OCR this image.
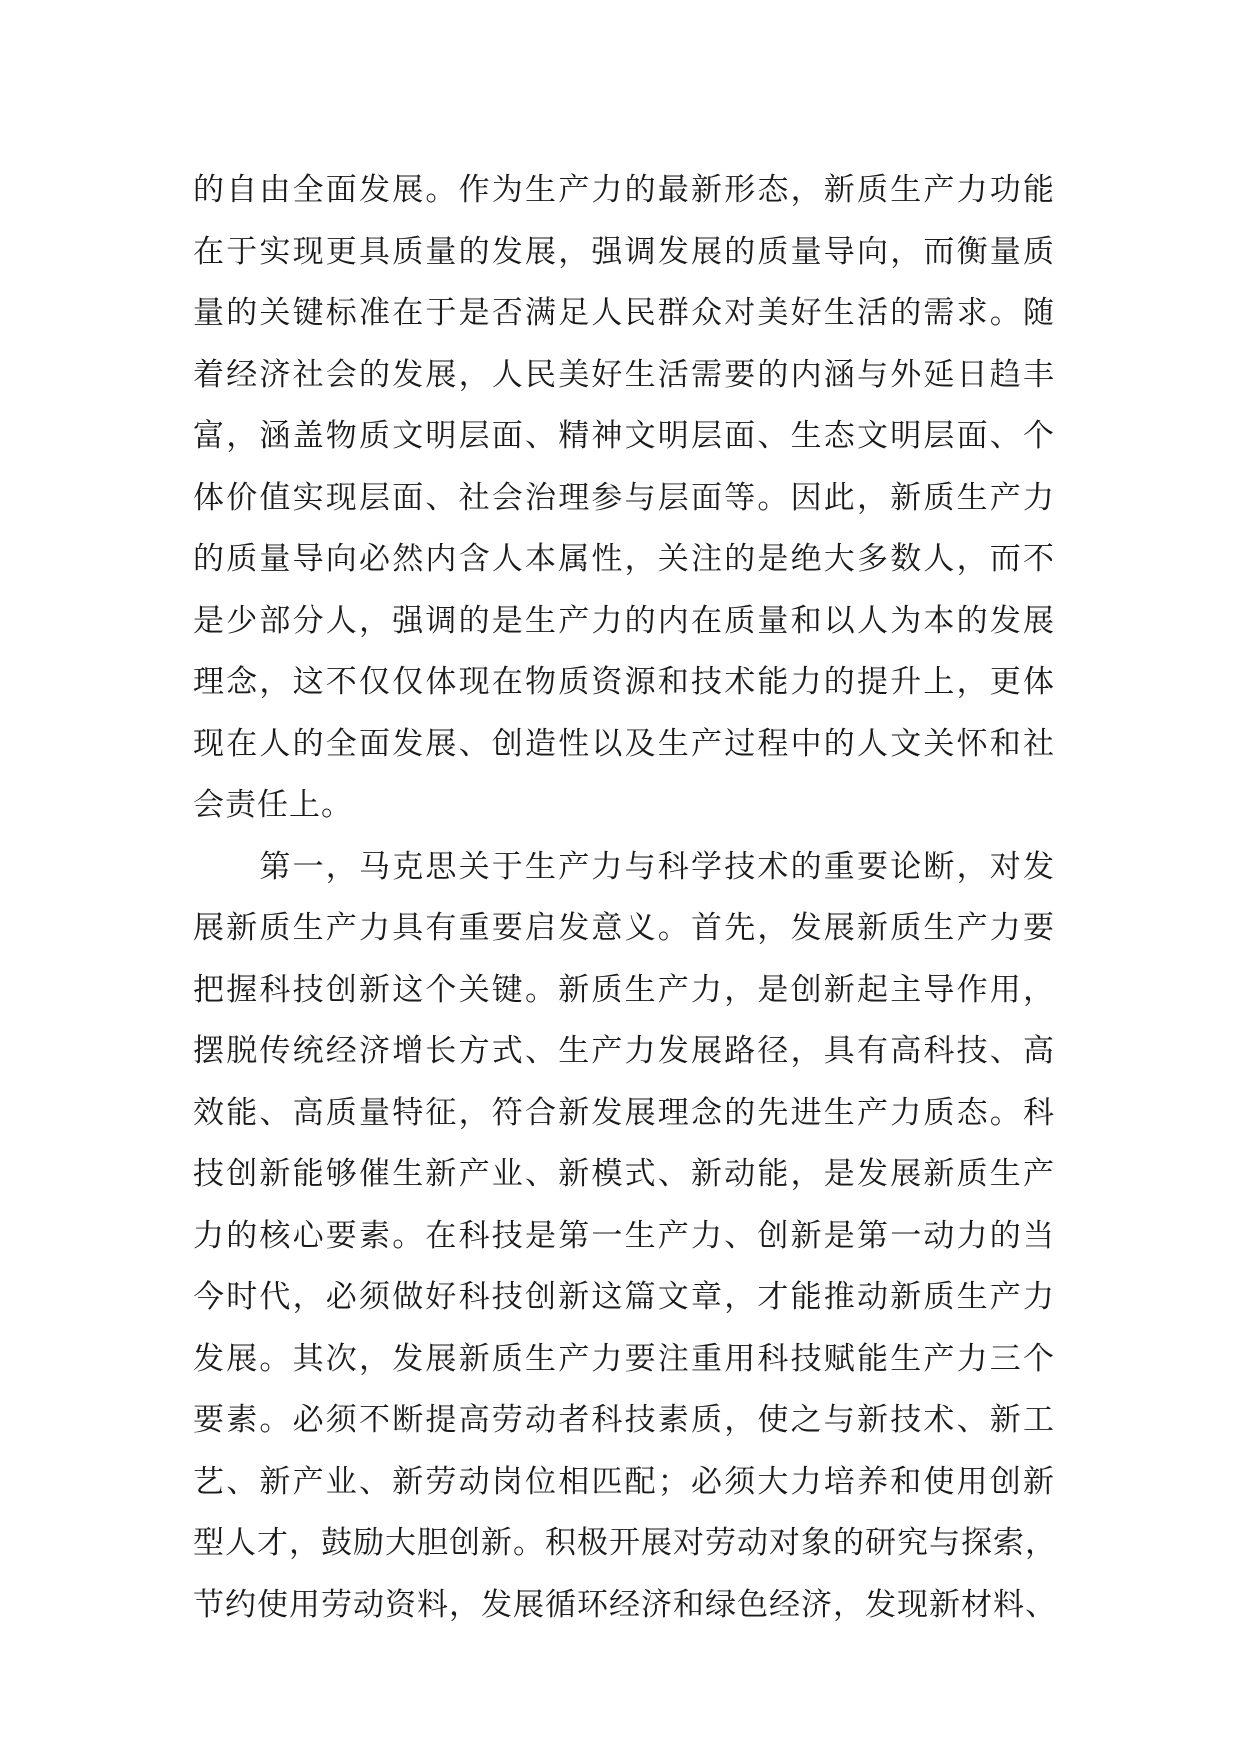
的自由全面发展。作为生产力的最新形态，新质生产力功能
在于实现更具质量的发展，强调发展的质量导向，而衡量质
量的关键标准在于是否满足人民群众对美好生活的需求。随
着经济社会的发展，人民美好生活需要的内涵与外延日趋丰
富，涵盖物质文明层面、精神文明层面、生态文明层面、个
体价值实现层面、社会治理参与层面等。因此，新质生产力
的质量导向必然内含人本属性，关注的是绝大多数人，而不
是少部分人，强调的是生产力的内在质量和以人为本的发展
理念，这不仅仅体现在物质资源和技术能力的提升上，更体
现在人的全面发展、创造性以及生产过程中的人文关怀和社
会责任上。
　　第一，马克思关于生产力与科学技术的重要论断，对发
展新质生产力具有重要启发意义。首先，发展新质生产力要
把握科技创新这个关键。新质生产力，是创新起主导作用，
摆脱传统经济增长方式、生产力发展路径，具有高科技、高
效能、高质量特征，符合新发展理念的先进生产力质态。科
技创新能够催生新产业、新模式、新动能，是发展新质生产
力的核心要素。在科技是第一生产力、创新是第一动力的当
今时代，必须做好科技创新这篇文章，才能推动新质生产力
发展。其次，发展新质生产力要注重用科技赋能生产力三个
要素。必须不断提高劳动者科技素质，使之与新技术、新工
艺、新产业、新劳动岗位相匹配；必须大力培养和使用创新
型人才，鼓励大胆创新。积极开展对劳动对象的研究与探索，
节约使用劳动资料，发展循环经济和绿色经济，发现新材料、
